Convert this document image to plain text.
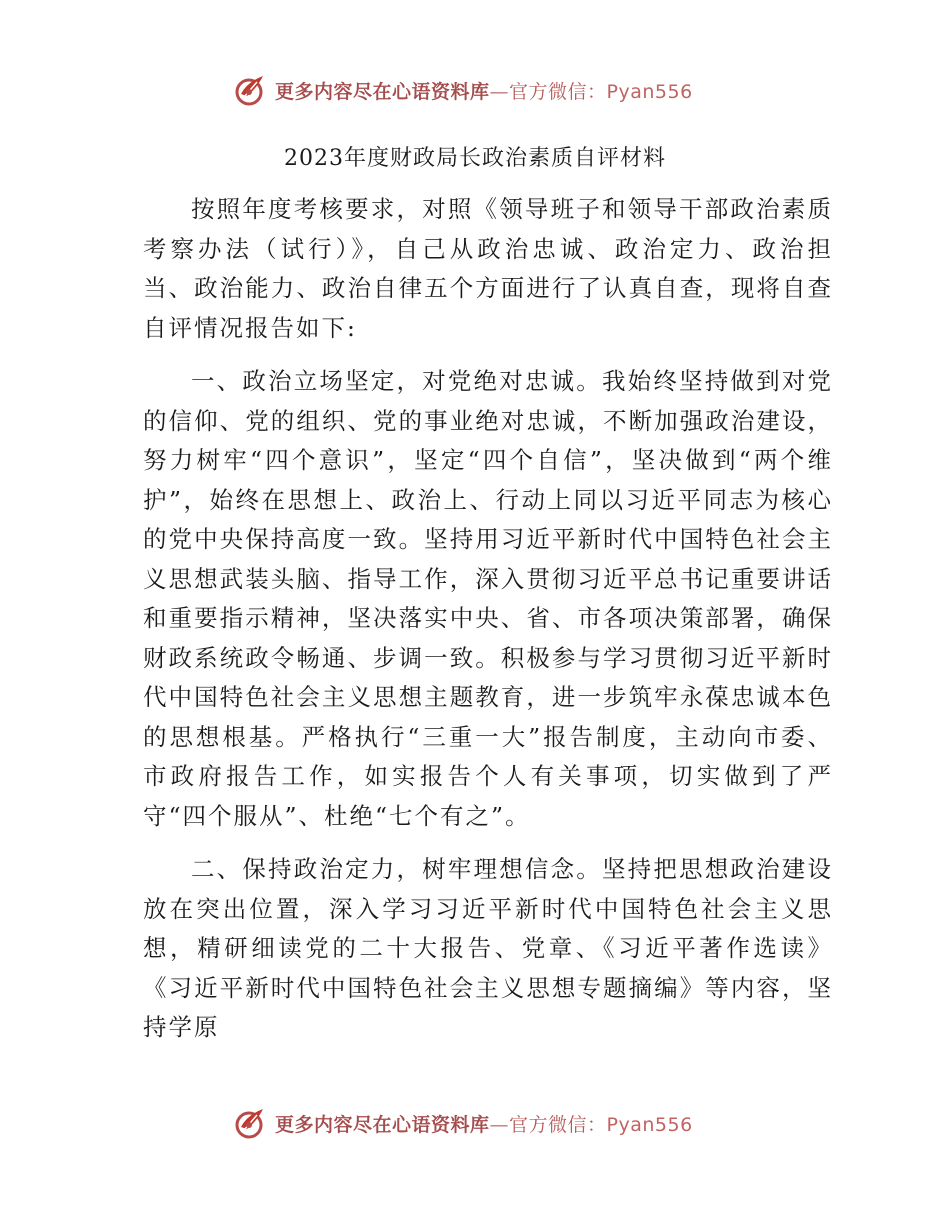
更多内容尽在心语资料库—官方微信：Pyan556
2023年度财政局长政治素质自评材料

按照年度考核要求，对照《领导班子和领导干部政治素质考察办法（试行）》，自己从政治忠诚、政治定力、政治担当、政治能力、政治自律五个方面进行了认真自查，现将自查自评情况报告如下:

一、政治立场坚定，对党绝对忠诚。我始终坚持做到对党的信仰、党的组织、党的事业绝对忠诚，不断加强政治建设，努力树牢“四个意识”，坚定“四个自信”，坚决做到“两个维护”，始终在思想上、政治上、行动上同以习近平同志为核心的党中央保持高度一致。坚持用习近平新时代中国特色社会主义思想武装头脑、指导工作，深入贯彻习近平总书记重要讲话和重要指示精神，坚决落实中央、省、市各项决策部署，确保财政系统政令畅通、步调一致。积极参与学习贯彻习近平新时代中国特色社会主义思想主题教育，进一步筑牢永葆忠诚本色的思想根基。严格执行“三重一大”报告制度，主动向市委、市政府报告工作，如实报告个人有关事项，切实做到了严守“四个服从”、杜绝“七个有之”。

二、保持政治定力，树牢理想信念。坚持把思想政治建设放在突出位置，深入学习习近平新时代中国特色社会主义思想，精研细读党的二十大报告、党章、《习近平著作选读》《习近平新时代中国特色社会主义思想专题摘编》等内容，坚持学原

更多内容尽在心语资料库—官方微信：Pyan556
